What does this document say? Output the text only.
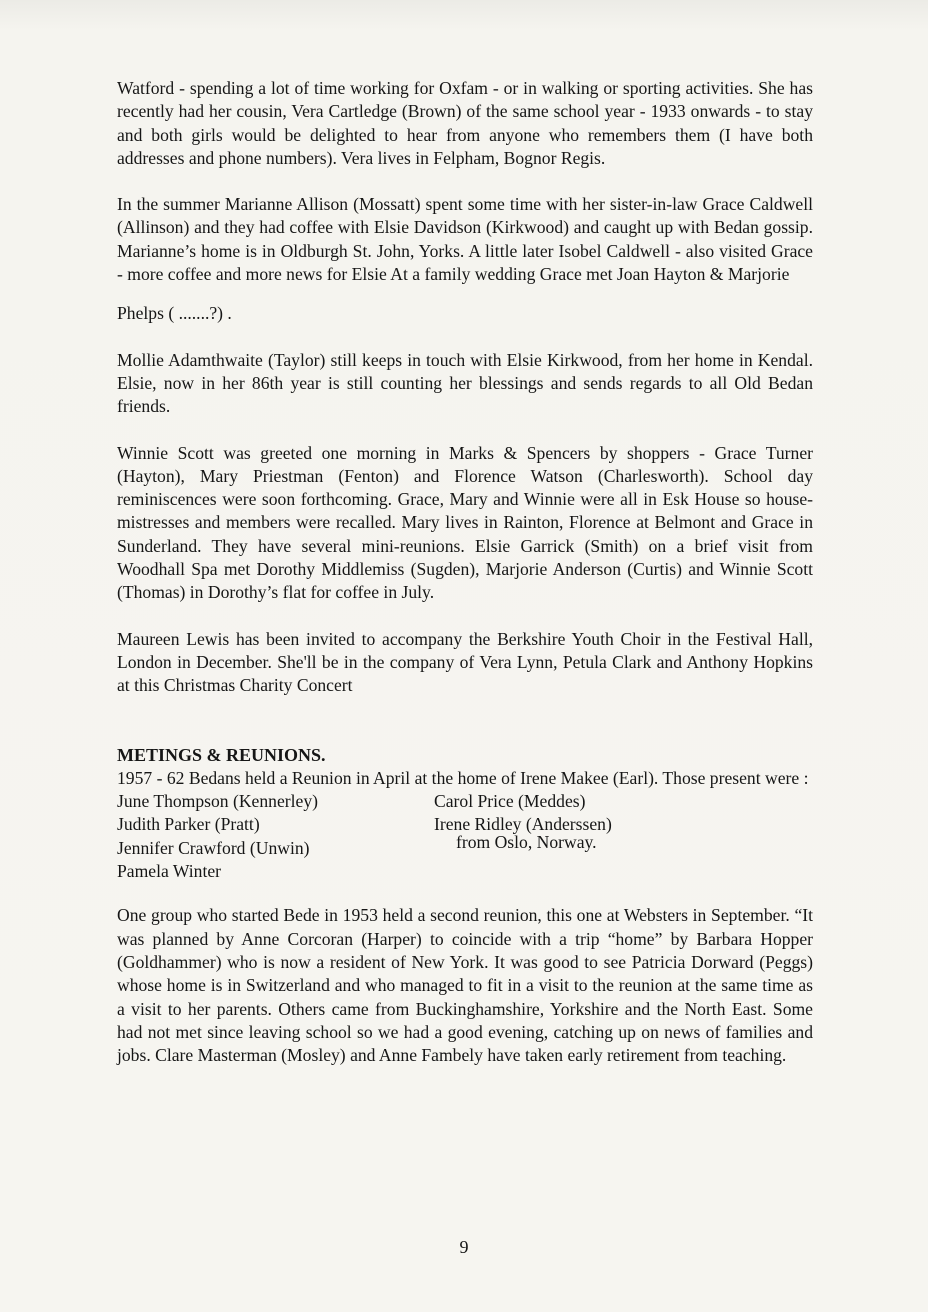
Watford - spending a lot of time working for Oxfam - or in walking or sporting activities. She has recently had her cousin, Vera Cartledge (Brown) of the same school year - 1933 onwards - to stay and both girls would be delighted to hear from anyone who remembers them (I have both addresses and phone numbers). Vera lives in Felpham, Bognor Regis.

In the summer Marianne Allison (Mossatt) spent some time with her sister-in-law Grace Caldwell (Allinson) and they had coffee with Elsie Davidson (Kirkwood) and caught up with Bedan gossip. Marianne’s home is in Oldburgh St. John, Yorks. A little later Isobel Caldwell - also visited Grace - more coffee and more news for Elsie At a family wedding Grace met Joan Hayton & Marjorie

Phelps ( .......?) .

Mollie Adamthwaite (Taylor) still keeps in touch with Elsie Kirkwood, from her home in Kendal. Elsie, now in her 86th year is still counting her blessings and sends regards to all Old Bedan friends.

Winnie Scott was greeted one morning in Marks & Spencers by shoppers - Grace Turner (Hayton), Mary Priestman (Fenton) and Florence Watson (Charlesworth). School day reminiscences were soon forthcoming. Grace, Mary and Winnie were all in Esk House so house-mistresses and members were recalled. Mary lives in Rainton, Florence at Belmont and Grace in Sunderland. They have several mini-reunions. Elsie Garrick (Smith) on a brief visit from Woodhall Spa met Dorothy Middlemiss (Sugden), Marjorie Anderson (Curtis) and Winnie Scott (Thomas) in Dorothy’s flat for coffee in July.

Maureen Lewis has been invited to accompany the Berkshire Youth Choir in the Festival Hall, London in December. She'll be in the company of Vera Lynn, Petula Clark and Anthony Hopkins at this Christmas Charity Concert

METINGS & REUNIONS.

1957 - 62 Bedans held a Reunion in April at the home of Irene Makee (Earl). Those present were :

June Thompson (Kennerley)
Judith Parker (Pratt)
Jennifer Crawford (Unwin)
Pamela Winter
Carol Price (Meddes)
Irene Ridley (Anderssen)
from Oslo, Norway.

One group who started Bede in 1953 held a second reunion, this one at Websters in September. “It was planned by Anne Corcoran (Harper) to coincide with a trip “home” by Barbara Hopper (Goldhammer) who is now a resident of New York. It was good to see Patricia Dorward (Peggs) whose home is in Switzerland and who managed to fit in a visit to the reunion at the same time as a visit to her parents. Others came from Buckinghamshire, Yorkshire and the North East. Some had not met since leaving school so we had a good evening, catching up on news of families and jobs. Clare Masterman (Mosley) and Anne Fambely have taken early retirement from teaching.

9
